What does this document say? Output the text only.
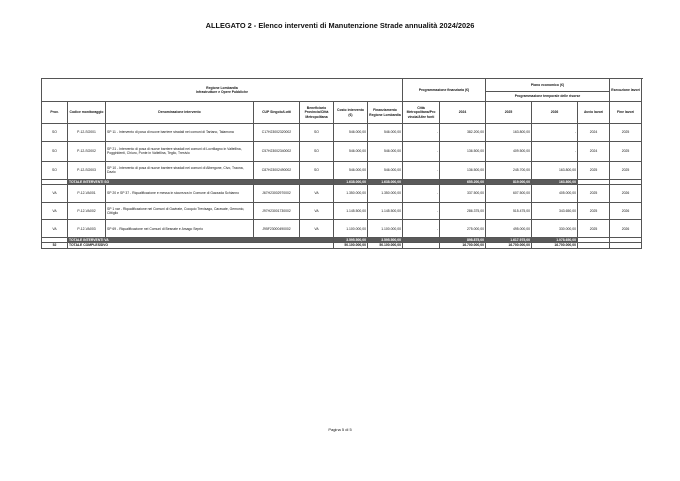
ALLEGATO 2 - Elenco interventi di Manutenzione Strade annualità 2024/2026
Regione Lombardia
Infrastrutture e Opere Pubbliche							Programmazione finanziaria (€)		Piano economico (€)			Esecuzione lavori
									Programmazione temporale delle risorse			
Prov.	Codice monitoraggio	Denominazione intervento	CUP Singolo/Lotti	Beneficiario Provincia/Città Metropolitana	Costo intervento (€)	Finanziamento Regione Lombardia	Città Metropolitana/Pro vincia/Altre fonti	2024	2025	2026	Avvio lavori	Fine lavori
SO	P-12-SO001	SP 11 - Intervento di posa di nuove barriere stradali nei comuni di Tartano, Talamona	C17H23002320002	SO	546.000,00	546.000,00	-	382.200,00	163.800,00	-	2024	2025
SO	P-12-SO002	SP 21 - Intervento di posa di nuove barriere stradali nei comuni di Lovrillagno in Valtellina, Poggiridenti, Chiuro, Ponte in Valtellina, Teglio, Tresivio	C57H23002340002	SO	546.000,00	546.000,00	-	136.500,00	409.500,00	-	2024	2025
SO	P-12-SO003	SP 10 - Intervento di posa di nuove barriere stradali nei comuni di Albergone, Civo, Traona, Dazio	C87H23002490002	SO	546.000,00	546.000,00	-	136.500,00	245.700,00	163.800,00	2025	2025
	TOTALE INTERVENTI SO				1.638.000,00	1.638.000,00		655.200,00	819.000,00	163.800,00		
VA	P-12-VA001	SP 20 e SP 37 - Riqualificazione e messa in sicurezza in Comune di Gazzada Schianno	J67H23002970002	VA	1.350.000,00	1.350.000,00	-	337.500,00	607.500,00	405.000,00	2025	2026
VA	P-12-VA002	SP 1 var - Riqualificazione nei Comuni di Gavirate, Cocquio Trevisago, Caravate, Gemonio, Cittiglio	J97H23001730002	VA	1.145.500,00	1.145.500,00	-	286.375,00	515.475,00	343.650,00	2025	2026
VA	P-12-VA003	SP 69 - Riqualificazione nei Comuni di Besnate e Arsago Seprio	J95F23000490002	VA	1.100.000,00	1.100.000,00	-	275.000,00	495.000,00	330.000,00	2025	2026
	TOTALE INTERVENTI VA				3.595.500,00	3.595.500,00		898.875,00	1.617.975,00	1.078.650,00		
52	TOTALE COMPLESSIVO				50.100.000,00	50.100.000,00		16.700.000,00	16.700.000,00	16.700.000,00		
Pagina 5 di 5
